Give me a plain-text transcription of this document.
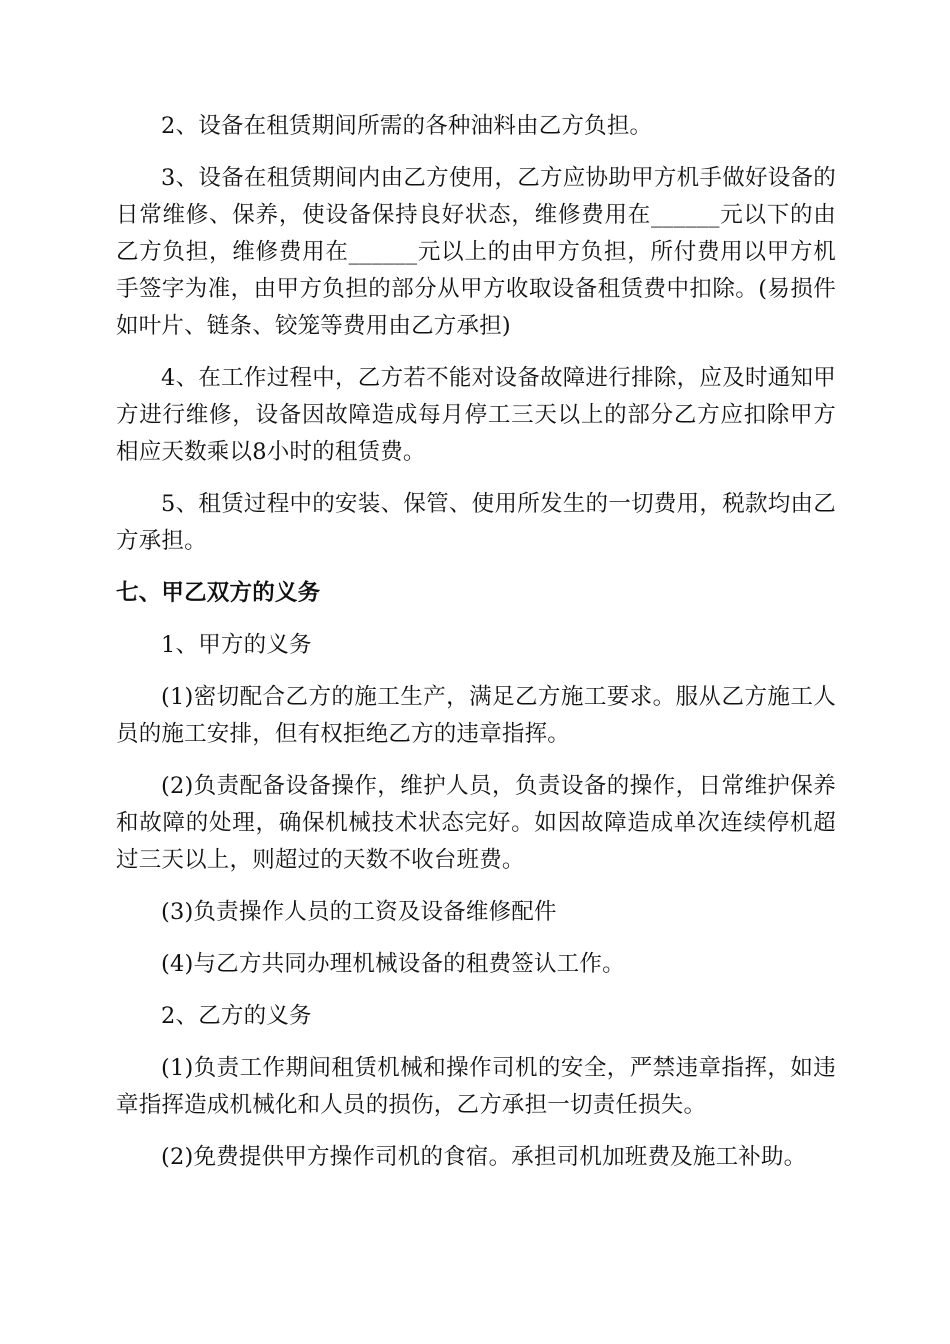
2、设备在租赁期间所需的各种油料由乙方负担。

3、设备在租赁期间内由乙方使用，乙方应协助甲方机手做好设备的日常维修、保养，使设备保持良好状态，维修费用在______元以下的由乙方负担，维修费用在______元以上的由甲方负担，所付费用以甲方机手签字为准，由甲方负担的部分从甲方收取设备租赁费中扣除。(易损件如叶片、链条、铰笼等费用由乙方承担)

4、在工作过程中，乙方若不能对设备故障进行排除，应及时通知甲方进行维修，设备因故障造成每月停工三天以上的部分乙方应扣除甲方相应天数乘以8小时的租赁费。

5、租赁过程中的安装、保管、使用所发生的一切费用，税款均由乙方承担。

七、甲乙双方的义务

1、甲方的义务

(1)密切配合乙方的施工生产，满足乙方施工要求。服从乙方施工人员的施工安排，但有权拒绝乙方的违章指挥。

(2)负责配备设备操作，维护人员，负责设备的操作，日常维护保养和故障的处理，确保机械技术状态完好。如因故障造成单次连续停机超过三天以上，则超过的天数不收台班费。

(3)负责操作人员的工资及设备维修配件

(4)与乙方共同办理机械设备的租费签认工作。

2、乙方的义务

(1)负责工作期间租赁机械和操作司机的安全，严禁违章指挥，如违章指挥造成机械化和人员的损伤，乙方承担一切责任损失。

(2)免费提供甲方操作司机的食宿。承担司机加班费及施工补助。
